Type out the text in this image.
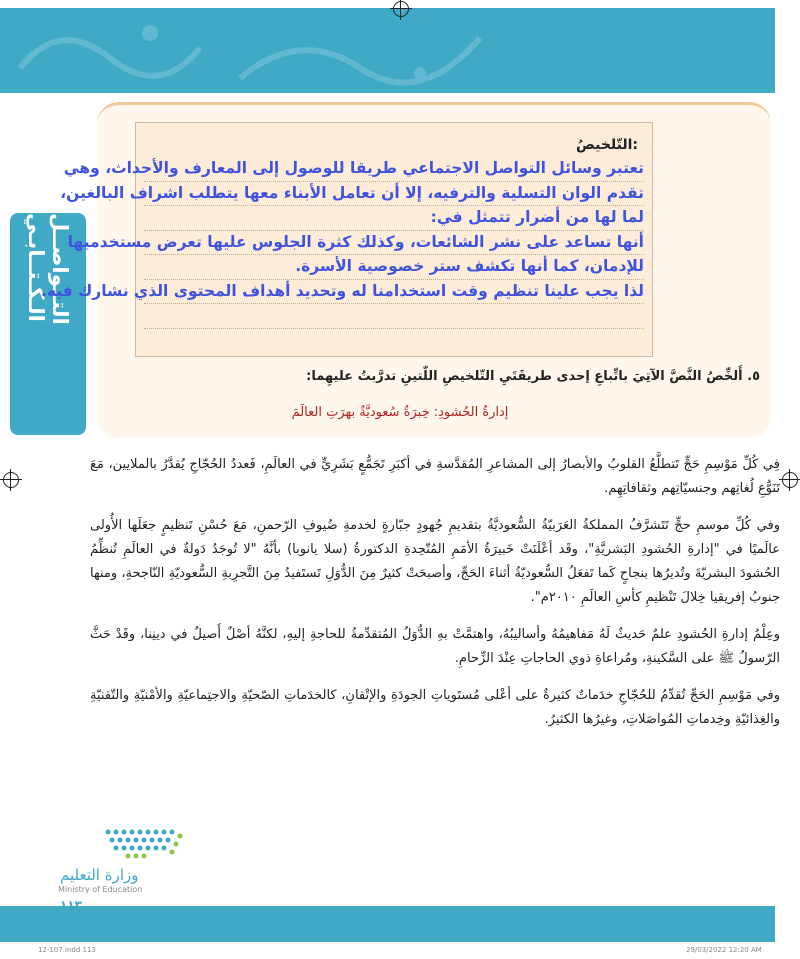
التــواصــل الـكـتــابـي
التّلخيصُ:
تعتبر وسائل التواصل الاجتماعي طريقا للوصول إلى المعارف والأحداث، وهي
تقدم الوان التسلية والترفيه، إلا أن تعامل الأبناء معها يتطلب اشراف البالغين،
لما لها من أضرار تتمثل في:
أنها تساعد على نشر الشائعات، وكذلك كثرة الجلوس عليها تعرض مستخدميها
للإدمان، كما أنها تكشف ستر خصوصية الأسرة.
لذا يجب علينا تنظيم وقت استخدامنا له وتحديد أهداف المحتوى الذي نشارك فيه.
٥. أَلخِّصُ النَّصَّ الآتِيَ باتِّباعِ إحدى طريقَتَيِ التّلخيصِ اللّتينِ تدرَّبتُ عليهِما:
إدارةُ الحُشودِ: خِبرَةٌ سُعوديَّةٌ بهرَتِ العالَمَ

فِي كُلِّ مَوْسِمِ حَجٍّ تَتطلَّعُ القلوبُ والأبصارُ إلى المشاعرِ المُقدَّسةِ في أكبَرِ تَجَمُّعٍ بَشَرِيٍّ في العالَمِ، فَعددُ الحُجّاجِ يُقدَّرُ بالملايين، مَعَ تَنَوُّعِ لُغاتِهم وجنسيّاتِهم وثقافاتِهِم.

وفي كُلِّ موسمِ حجٍّ تَتَشرَّفُ المملكةُ العَرَبيّةُ السُّعوديَّةُ بتقديمِ جُهودٍ جبّارةٍ لخدمةِ ضُيوفِ الرّحمنِ، مَعَ حُسْنِ تَنظيمٍ جعَلَها الأُولى عالَميًا في "إدارةِ الحُشودِ البَشريَّةِ"، وقَد أعْلَنَتْ خَبيرَةُ الأمَمِ المُتّحِدةِ الدكتورةُ (سلا يانوبا) بأنَّهُ "لا تُوجَدُ دَولةٌ في العالَمِ تُنظِّمُ الحُشودَ البشريّةَ وتُديرُها بنجاحٍ كَما تَفعَلُ السُّعوديّةُ أثناءَ الحَجِّ، وأصبحَتْ كثيرٌ مِنَ الدُّوَلِ تَستَفيدُ مِنَ التَّجرِبةِ السُّعوديّةِ النّاجحةِ، ومنها جنوبُ إفريقيا خِلالَ تَنْظيمِ كأسِ العالَمِ ٢٠١٠م".

وعِلْمُ إدارةِ الحُشودِ علمٌ حَديثٌ لَهُ مَفاهيمُهُ وأساليبُهُ، واهتمَّتْ بهِ الدُّوَلُ المُتقدِّمةُ للحاجةِ إليهِ، لكنَّهُ أصْلٌ أَصيلٌ في دينِنا، وقَدْ حَثَّ الرّسولُ ﷺ على السَّكينةِ، ومُراعاةِ ذوي الحاجاتِ عِنْدَ الزِّحامِ.

وفي مَوْسِمِ الحَجِّ تُقدِّمُ للحُجّاجِ خدَماتٌ كثيرةٌ على أعْلى مُستَوياتِ الجودَةِ والإتْقانِ، كالخدَماتِ الصّحيّةِ والاجتِماعيّةِ والأمْنيّةِ والتّقنيّةِ والغِذائيّةِ وخِدماتِ المُواصَلاتِ، وغيرُها الكثيرُ.

وزارة التعليم
Ministry of Education
١١٣
12-107.indd 113	29/03/2022 12:20 AM
